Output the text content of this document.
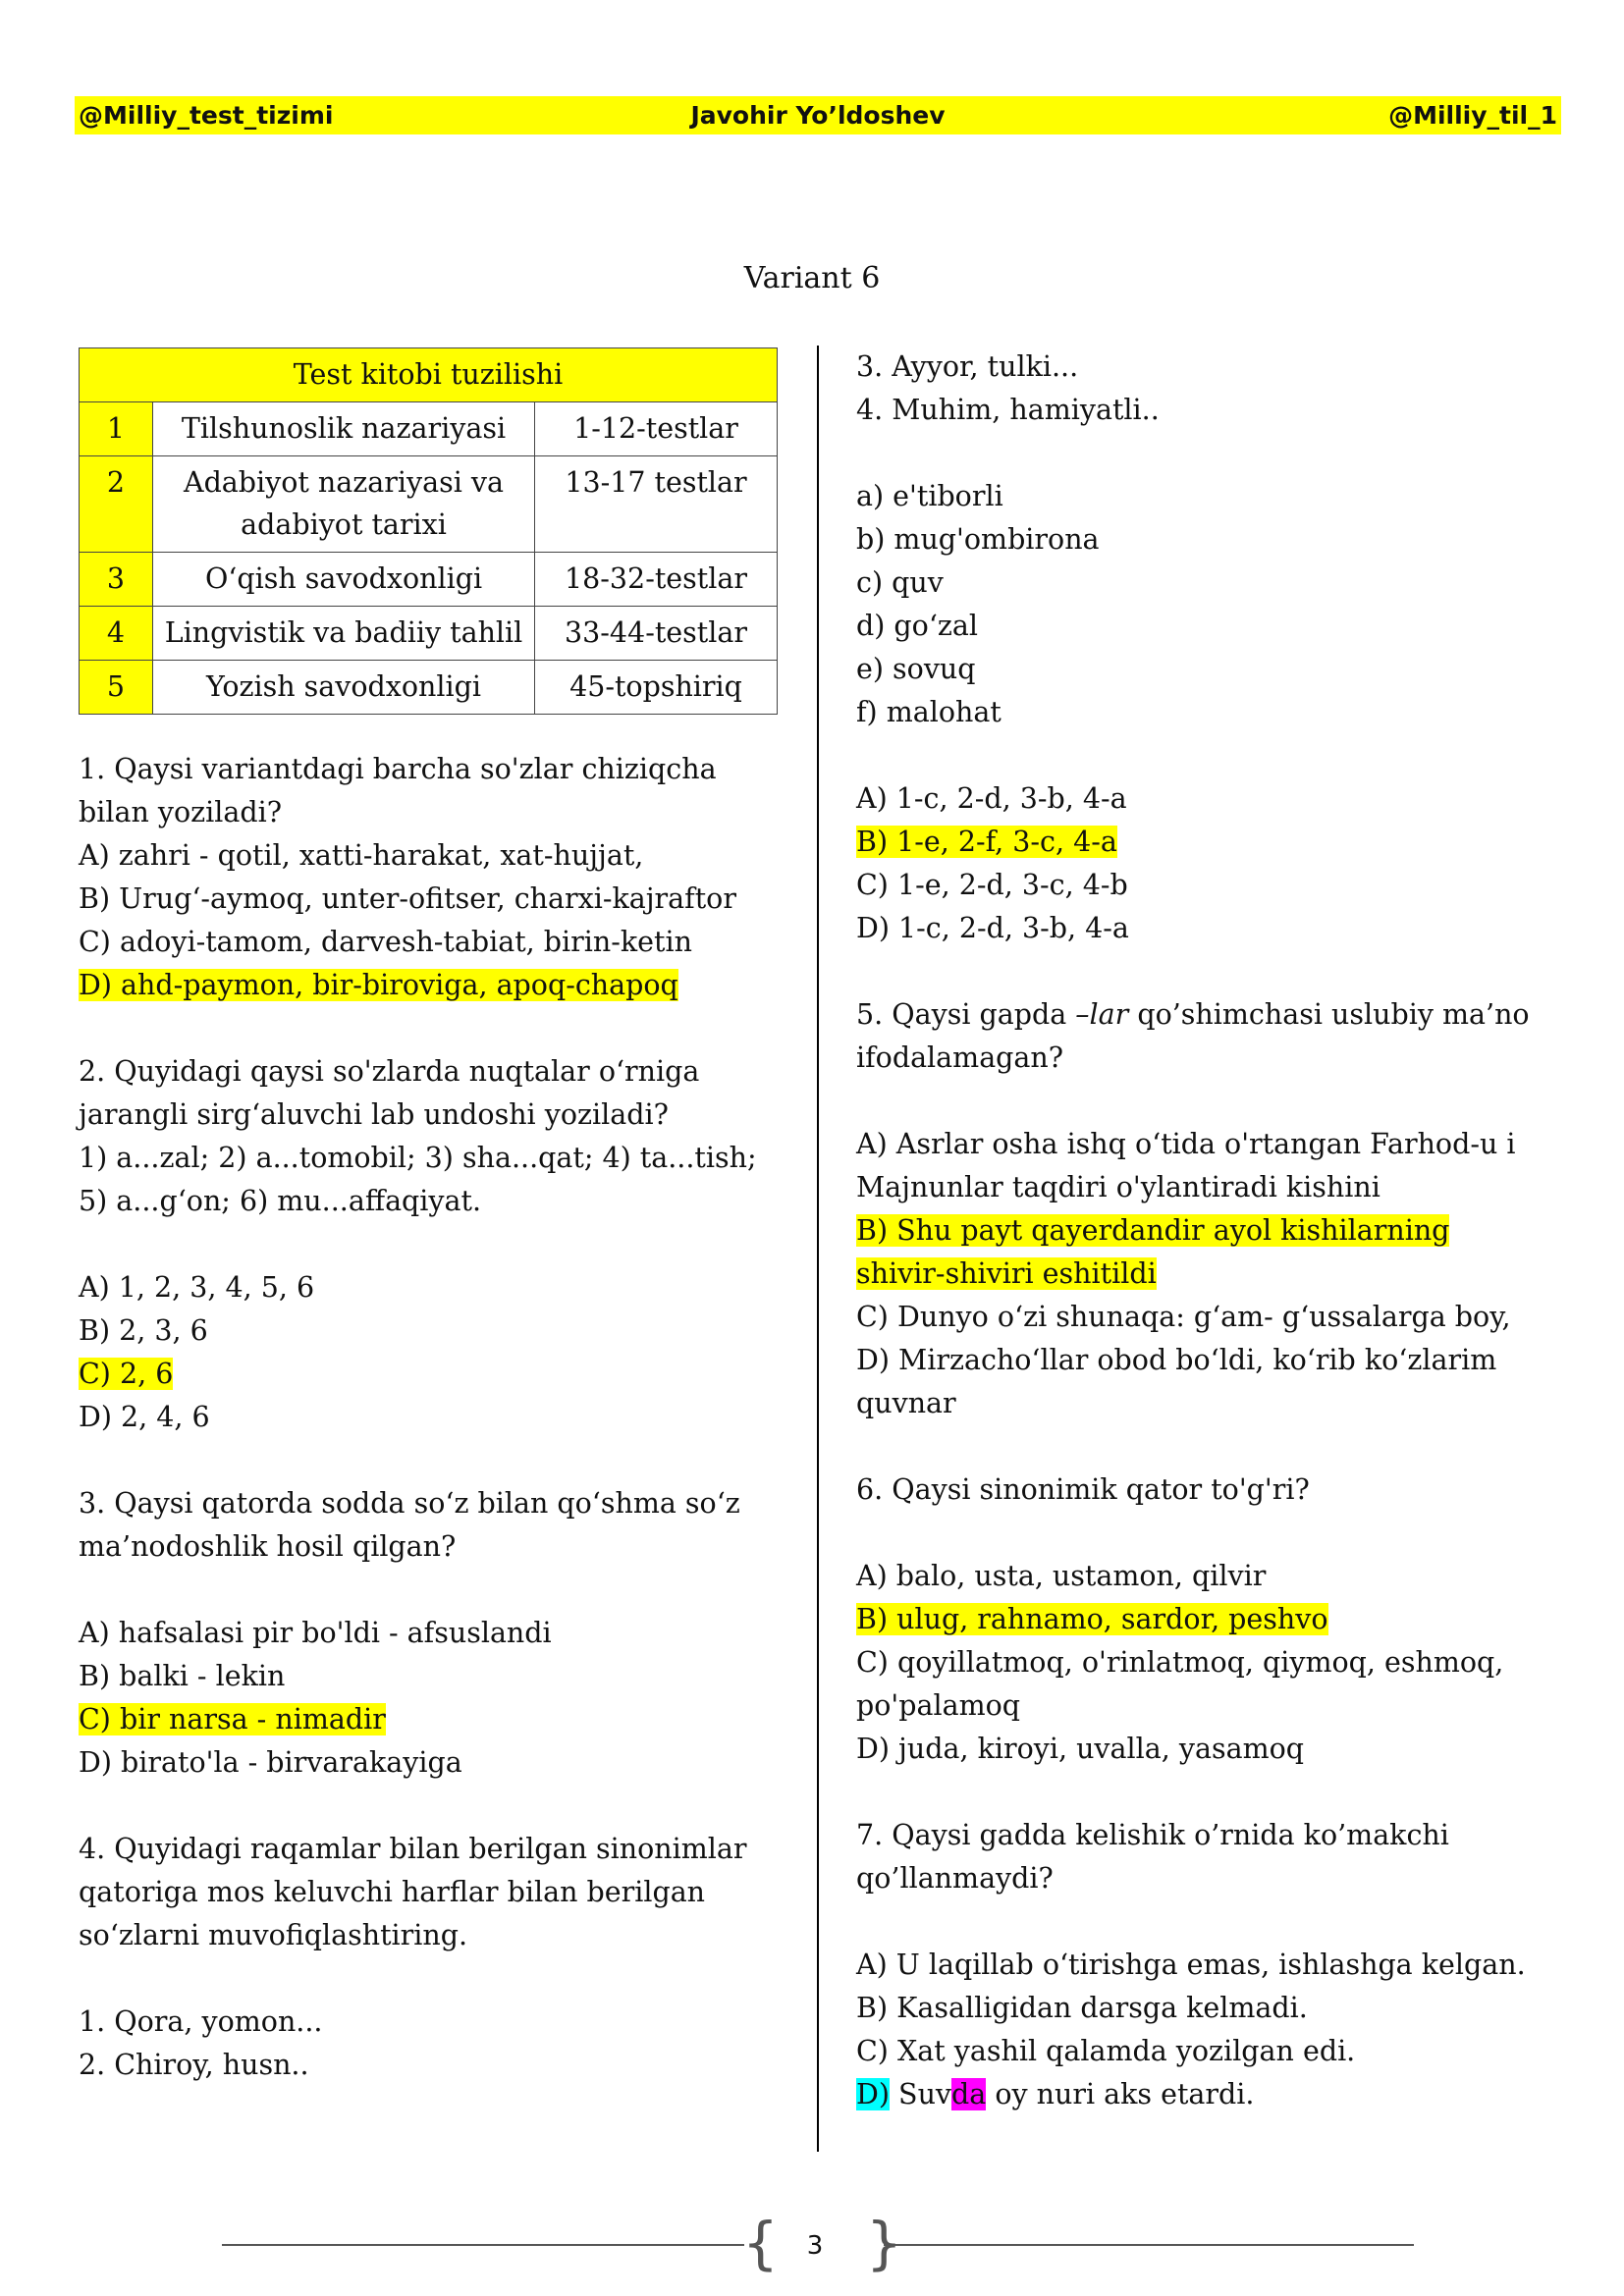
Javohir Yo’ldoshev
@Milliy_test_tizimi	@Milliy_til_1
Variant 6
Test kitobi tuzilishi		
1	Tilshunoslik nazariyasi	1-12-testlar
2	Adabiyot nazariyasi va adabiyot tarixi	13-17 testlar
3	O‘qish savodxonligi	18-32-testlar
4	Lingvistik va badiiy tahlil	33-44-testlar
5	Yozish savodxonligi	45-topshiriq
1. Qaysi variantdagi barcha so'zlar chiziqcha
bilan yoziladi?
A) zahri - qotil, xatti-harakat, xat-hujjat,
B) Urug‘-aymoq, unter-ofitser, charxi-kajraftor
C) adoyi-tamom, darvesh-tabiat, birin-ketin
D) ahd-paymon, bir-biroviga, apoq-chapoq
2. Quyidagi qaysi so'zlarda nuqtalar o‘rniga
jarangli sirg‘aluvchi lab undoshi yoziladi?
1) a...zal; 2) a...tomobil; 3) sha...qat; 4) ta...tish;
5) a...g‘on; 6) mu...affaqiyat.
A) 1, 2, 3, 4, 5, 6
B) 2, 3, 6
C) 2, 6
D) 2, 4, 6
3. Qaysi qatorda sodda so‘z bilan qo‘shma so‘z
ma’nodoshlik hosil qilgan?
A) hafsalasi pir bo'ldi - afsuslandi
B) balki - lekin
C) bir narsa - nimadir
D) birato'la - birvarakayiga
4. Quyidagi raqamlar bilan berilgan sinonimlar
qatoriga mos keluvchi harflar bilan berilgan
so‘zlarni muvofiqlashtiring.
1. Qora, yomon...
2. Chiroy, husn..
3. Ayyor, tulki...
4. Muhim, hamiyatli..
a) e'tiborli
b) mug'ombirona
c) quv
d) go‘zal
e) sovuq
f) malohat
A) 1-c, 2-d, 3-b, 4-a
B) 1-e, 2-f, 3-c, 4-a
C) 1-e, 2-d, 3-c, 4-b
D) 1-c, 2-d, 3-b, 4-a
5. Qaysi gapda –lar qo’shimchasi uslubiy ma’no
ifodalamagan?
A) Asrlar osha ishq o‘tida o'rtangan Farhod-u i
Majnunlar taqdiri o'ylantiradi kishini
B) Shu payt qayerdandir ayol kishilarning
shivir-shiviri eshitildi
C) Dunyo o‘zi shunaqa: g‘am- g‘ussalarga boy,
D) Mirzacho‘llar obod bo‘ldi, ko‘rib ko‘zlarim
quvnar
6. Qaysi sinonimik qator to'g'ri?
A) balo, usta, ustamon, qilvir
B) ulug, rahnamo, sardor, peshvo
C) qoyillatmoq, o'rinlatmoq, qiymoq, eshmoq,
po'palamoq
D) juda, kiroyi, uvalla, yasamoq
7. Qaysi gadda kelishik o’rnida ko’makchi
qo’llanmaydi?
A) U laqillab o‘tirishga emas, ishlashga kelgan.
B) Kasalligidan darsga kelmadi.
C) Xat yashil qalamda yozilgan edi.
D) Suvda oy nuri aks etardi.
{ }
3
